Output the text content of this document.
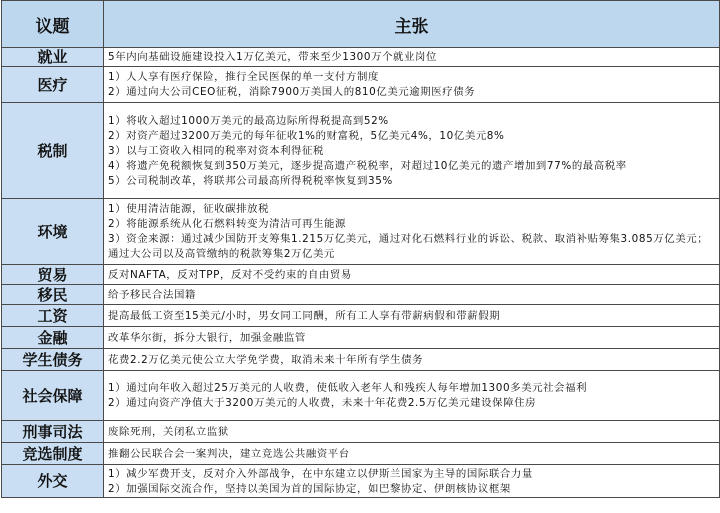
议题	主张
就业	5年内向基础设施建设投入1万亿美元，带来至少1300万个就业岗位

医疗	1）人人享有医疗保险，推行全民医保的单一支付方制度
2）通过向大公司CEO征税，消除7900万美国人的810亿美元逾期医疗债务

税制	1）将收入超过1000万美元的最高边际所得税提高到52%
2）对资产超过3200万美元的每年征收1%的财富税，5亿美元4%，10亿美元8%
3）以与工资收入相同的税率对资本利得征税
4）将遗产免税额恢复到350万美元，逐步提高遗产税税率，对超过10亿美元的遗产增加到77%的最高税率
5）公司税制改革，将联邦公司最高所得税税率恢复到35%

环境	1）使用清洁能源，征收碳排放税
2）将能源系统从化石燃料转变为清洁可再生能源
3）资金来源：通过减少国防开支筹集1.215万亿美元，通过对化石燃料行业的诉讼、税款、取消补贴筹集3.085万亿美元；通过大公司以及高管缴纳的税款筹集2万亿美元

贸易	反对NAFTA，反对TPP，反对不受约束的自由贸易

移民	给予移民合法国籍

工资	提高最低工资至15美元/小时，男女同工同酬，所有工人享有带薪病假和带薪假期

金融	改革华尔街，拆分大银行，加强金融监管

学生债务	花费2.2万亿美元使公立大学免学费，取消未来十年所有学生债务

社会保障	1）通过向年收入超过25万美元的人收费，使低收入老年人和残疾人每年增加1300多美元社会福利
2）通过向资产净值大于3200万美元的人收费，未来十年花费2.5万亿美元建设保障住房

刑事司法	废除死刑，关闭私立监狱

竞选制度	推翻公民联合会一案判决，建立竞选公共融资平台

外交	1）减少军费开支，反对介入外部战争，在中东建立以伊斯兰国家为主导的国际联合力量
2）加强国际交流合作，坚持以美国为首的国际协定，如巴黎协定、伊朗核协议框架
